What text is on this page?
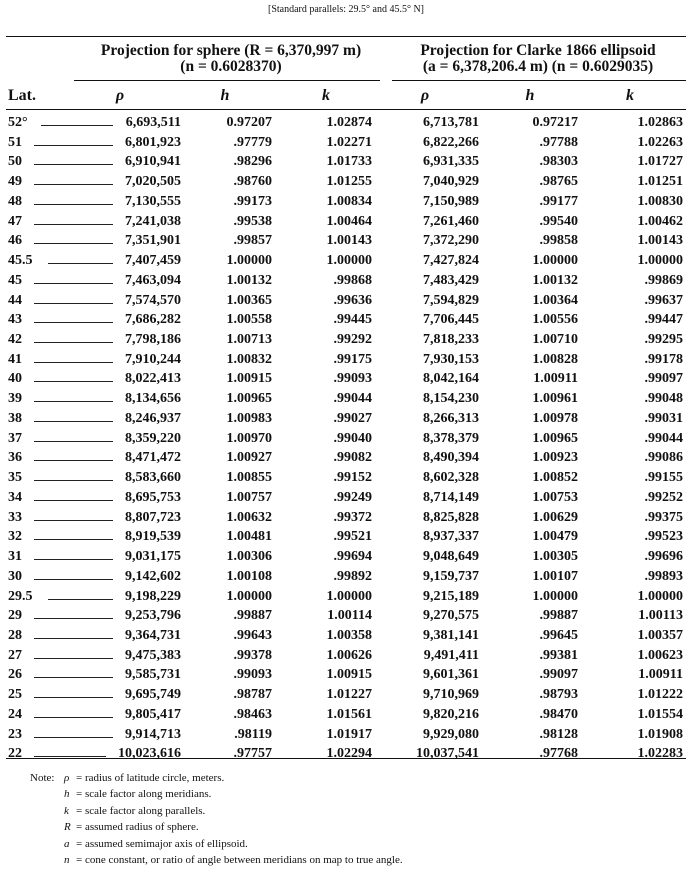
[Standard parallels: 29.5° and 45.5° N]
Projection for sphere (R = 6,370,997 m)
(n = 0.6028370)
Projection for Clarke 1866 ellipsoid
(a = 6,378,206.4 m) (n = 0.6029035)
Lat.	ρ	h	k	ρ	h	k
52°	6,693,511	0.97207	1.02874	6,713,781	0.97217	1.02863
51	6,801,923	.97779	1.02271	6,822,266	.97788	1.02263
50	6,910,941	.98296	1.01733	6,931,335	.98303	1.01727
49	7,020,505	.98760	1.01255	7,040,929	.98765	1.01251
48	7,130,555	.99173	1.00834	7,150,989	.99177	1.00830
47	7,241,038	.99538	1.00464	7,261,460	.99540	1.00462
46	7,351,901	.99857	1.00143	7,372,290	.99858	1.00143
45.5	7,407,459	1.00000	1.00000	7,427,824	1.00000	1.00000
45	7,463,094	1.00132	.99868	7,483,429	1.00132	.99869
44	7,574,570	1.00365	.99636	7,594,829	1.00364	.99637
43	7,686,282	1.00558	.99445	7,706,445	1.00556	.99447
42	7,798,186	1.00713	.99292	7,818,233	1.00710	.99295
41	7,910,244	1.00832	.99175	7,930,153	1.00828	.99178
40	8,022,413	1.00915	.99093	8,042,164	1.00911	.99097
39	8,134,656	1.00965	.99044	8,154,230	1.00961	.99048
38	8,246,937	1.00983	.99027	8,266,313	1.00978	.99031
37	8,359,220	1.00970	.99040	8,378,379	1.00965	.99044
36	8,471,472	1.00927	.99082	8,490,394	1.00923	.99086
35	8,583,660	1.00855	.99152	8,602,328	1.00852	.99155
34	8,695,753	1.00757	.99249	8,714,149	1.00753	.99252
33	8,807,723	1.00632	.99372	8,825,828	1.00629	.99375
32	8,919,539	1.00481	.99521	8,937,337	1.00479	.99523
31	9,031,175	1.00306	.99694	9,048,649	1.00305	.99696
30	9,142,602	1.00108	.99892	9,159,737	1.00107	.99893
29.5	9,198,229	1.00000	1.00000	9,215,189	1.00000	1.00000
29	9,253,796	.99887	1.00114	9,270,575	.99887	1.00113
28	9,364,731	.99643	1.00358	9,381,141	.99645	1.00357
27	9,475,383	.99378	1.00626	9,491,411	.99381	1.00623
26	9,585,731	.99093	1.00915	9,601,361	.99097	1.00911
25	9,695,749	.98787	1.01227	9,710,969	.98793	1.01222
24	9,805,417	.98463	1.01561	9,820,216	.98470	1.01554
23	9,914,713	.98119	1.01917	9,929,080	.98128	1.01908
22	10,023,616	.97757	1.02294	10,037,541	.97768	1.02283
Note: ρ = radius of latitude circle, meters.
h = scale factor along meridians.
k = scale factor along parallels.
R = assumed radius of sphere.
a = assumed semimajor axis of ellipsoid.
n = cone constant, or ratio of angle between meridians on map to true angle.
